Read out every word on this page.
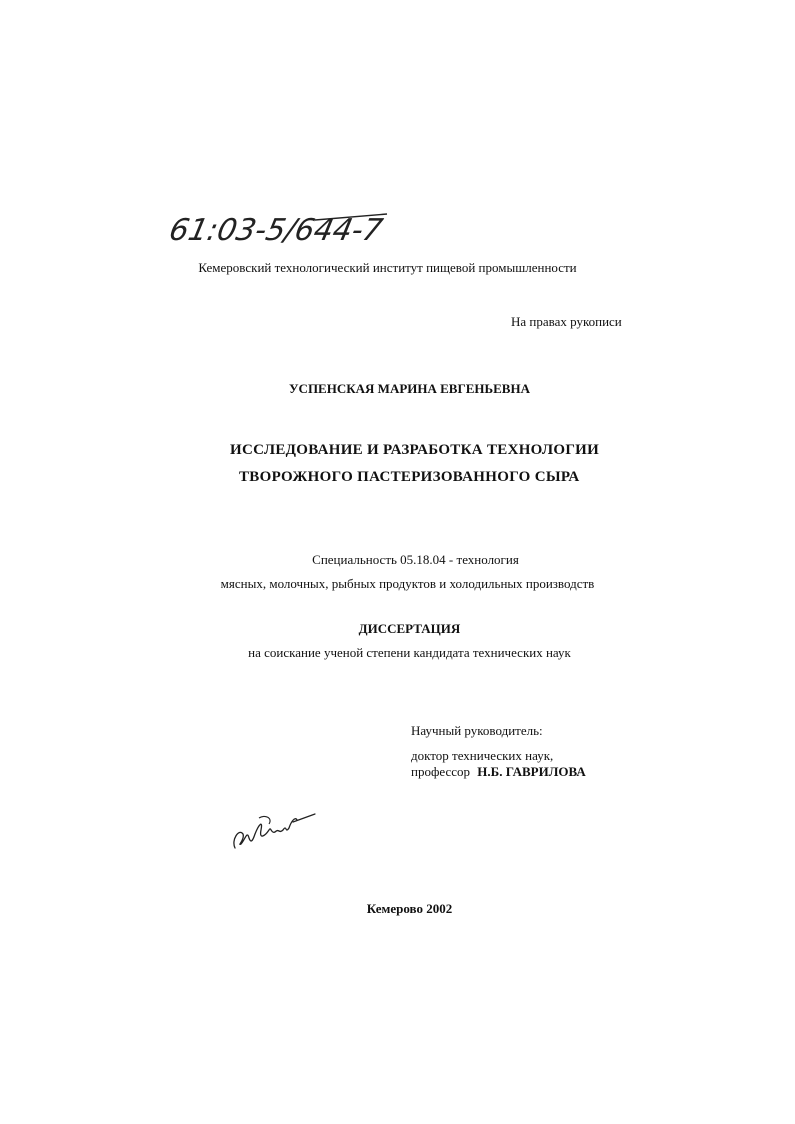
61:03-5/644-7

Кемеровский технологический институт пищевой промышленности

На правах рукописи

УСПЕНСКАЯ МАРИНА ЕВГЕНЬЕВНА

ИССЛЕДОВАНИЕ И РАЗРАБОТКА ТЕХНОЛОГИИ

ТВОРОЖНОГО ПАСТЕРИЗОВАННОГО СЫРА

Специальность 05.18.04 - технология

мясных, молочных, рыбных продуктов и холодильных производств

ДИССЕРТАЦИЯ

на соискание ученой степени кандидата технических наук

Научный руководитель:

доктор технических наук,

профессор Н.Б. ГАВРИЛОВА

Кемерово 2002
